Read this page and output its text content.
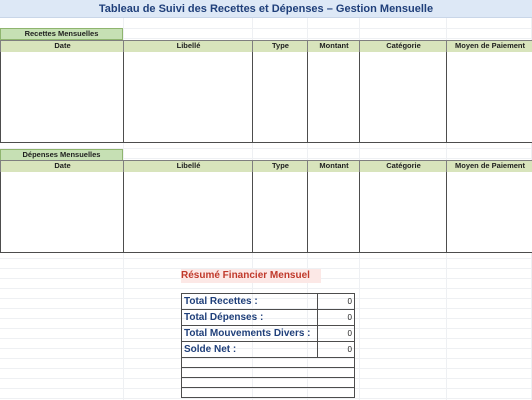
Tableau de Suivi des Recettes et Dépenses – Gestion Mensuelle
Recettes Mensuelles
Date	Libellé	Type	Montant	Catégorie	Moyen de Paiement
Dépenses Mensuelles
Date	Libellé	Type	Montant	Catégorie	Moyen de Paiement
Résumé Financier Mensuel
Total Recettes :	0
Total Dépenses :	0
Total Mouvements Divers :	0
Solde Net :	0
